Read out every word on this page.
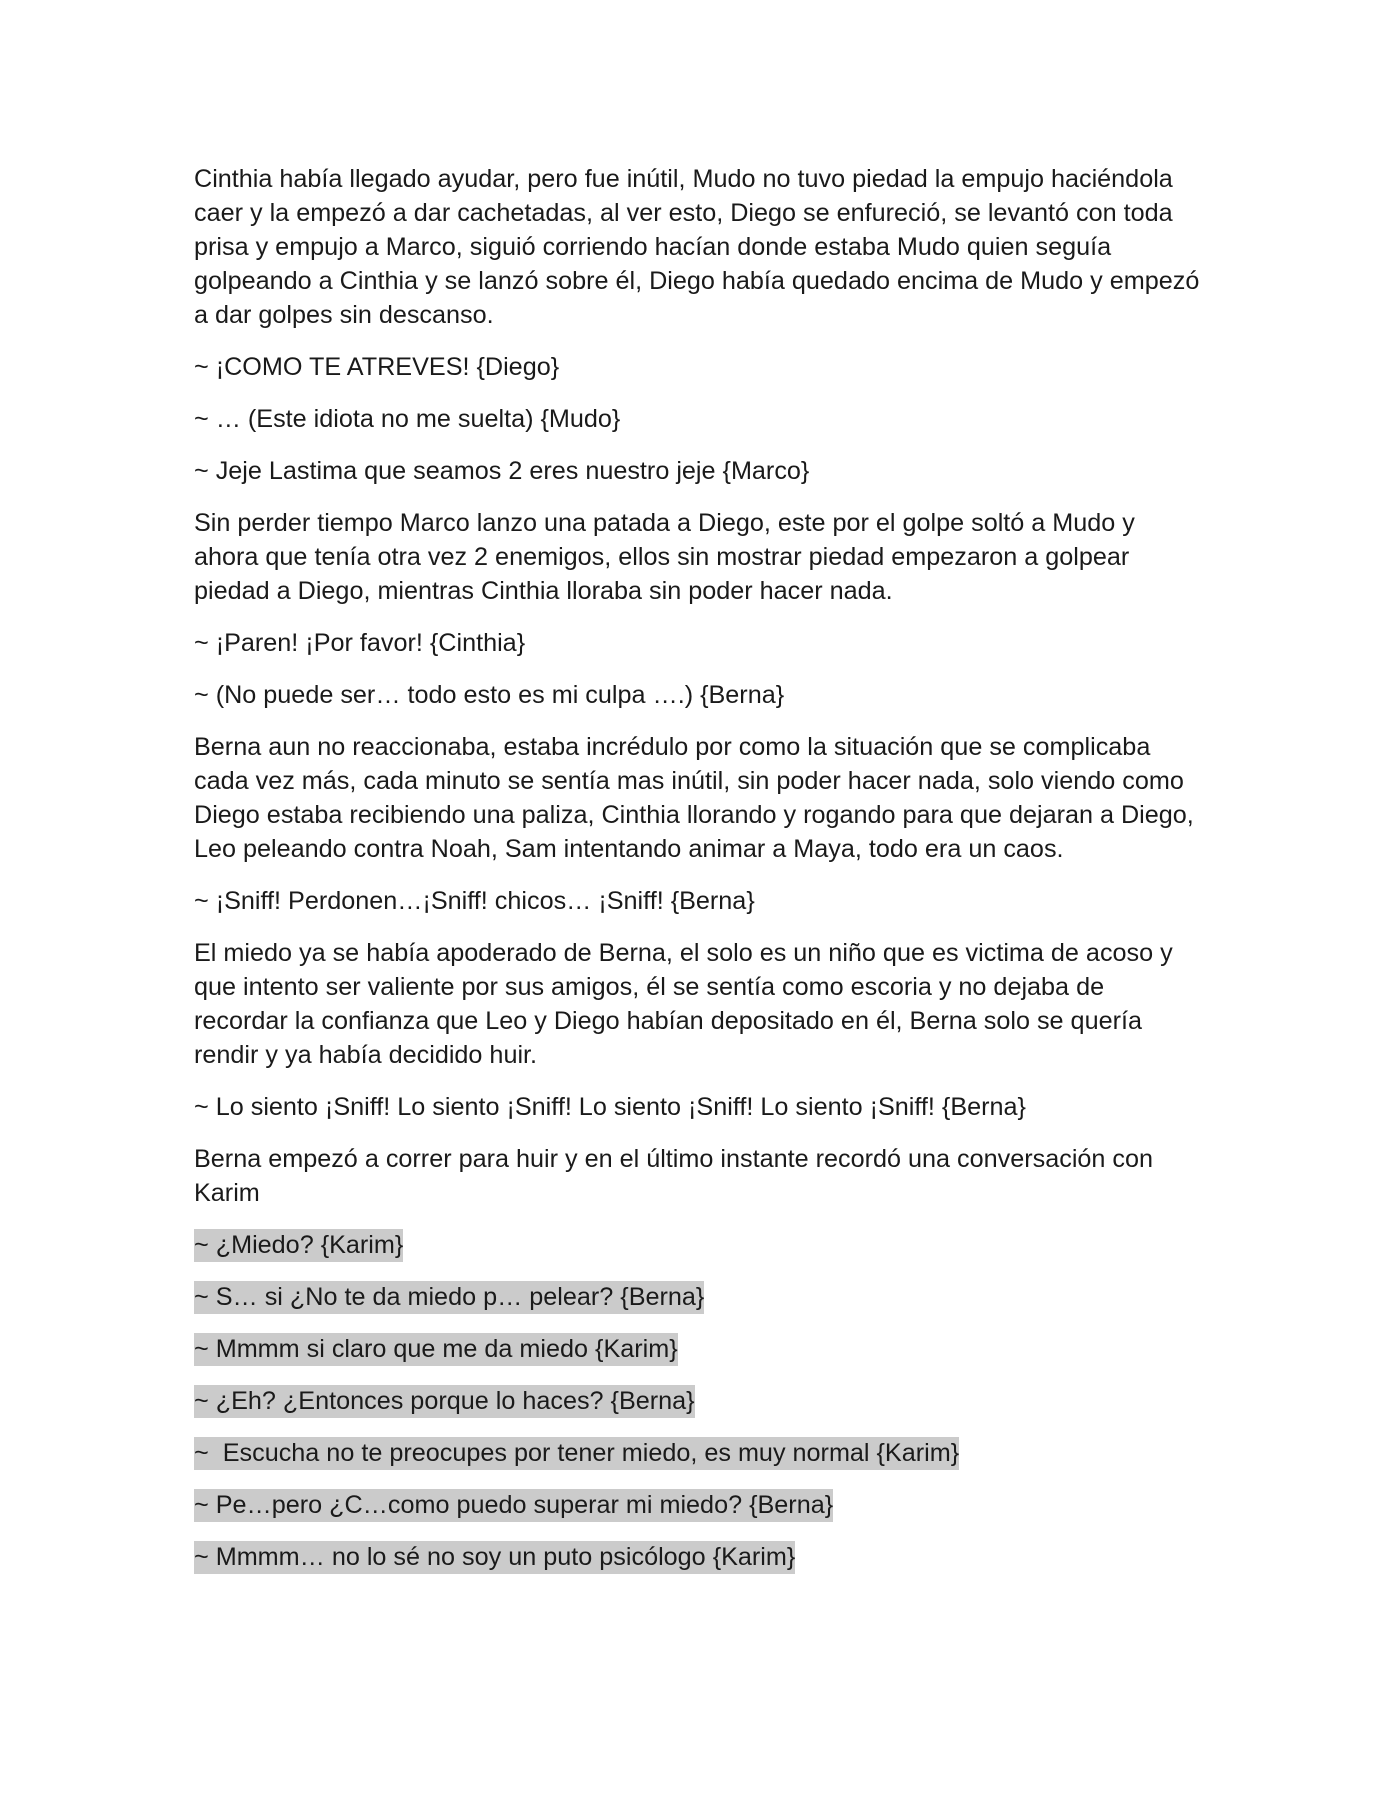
Cinthia había llegado ayudar, pero fue inútil, Mudo no tuvo piedad la empujo haciéndola caer y la empezó a dar cachetadas, al ver esto, Diego se enfureció, se levantó con toda prisa y empujo a Marco, siguió corriendo hacían donde estaba Mudo quien seguía golpeando a Cinthia y se lanzó sobre él, Diego había quedado encima de Mudo y empezó a dar golpes sin descanso.

~ ¡COMO TE ATREVES! {Diego}

~ … (Este idiota no me suelta) {Mudo}

~ Jeje Lastima que seamos 2 eres nuestro jeje {Marco}

Sin perder tiempo Marco lanzo una patada a Diego, este por el golpe soltó a Mudo y ahora que tenía otra vez 2 enemigos, ellos sin mostrar piedad empezaron a golpear piedad a Diego, mientras Cinthia lloraba sin poder hacer nada.

~ ¡Paren! ¡Por favor! {Cinthia}

~ (No puede ser… todo esto es mi culpa ….) {Berna}

Berna aun no reaccionaba, estaba incrédulo por como la situación que se complicaba cada vez más, cada minuto se sentía mas inútil, sin poder hacer nada, solo viendo como Diego estaba recibiendo una paliza, Cinthia llorando y rogando para que dejaran a Diego, Leo peleando contra Noah, Sam intentando animar a Maya, todo era un caos.

~ ¡Sniff! Perdonen…¡Sniff! chicos… ¡Sniff! {Berna}

El miedo ya se había apoderado de Berna, el solo es un niño que es victima de acoso y que intento ser valiente por sus amigos, él se sentía como escoria y no dejaba de recordar la confianza que Leo y Diego habían depositado en él, Berna solo se quería rendir y ya había decidido huir.

~ Lo siento ¡Sniff! Lo siento ¡Sniff! Lo siento ¡Sniff! Lo siento ¡Sniff! {Berna}

Berna empezó a correr para huir y en el último instante recordó una conversación con Karim

~ ¿Miedo? {Karim}

~ S… si ¿No te da miedo p… pelear? {Berna}

~ Mmmm si claro que me da miedo {Karim}

~ ¿Eh? ¿Entonces porque lo haces? {Berna}

~  Escucha no te preocupes por tener miedo, es muy normal {Karim}

~ Pe…pero ¿C…como puedo superar mi miedo? {Berna}

~ Mmmm… no lo sé no soy un puto psicólogo {Karim}
